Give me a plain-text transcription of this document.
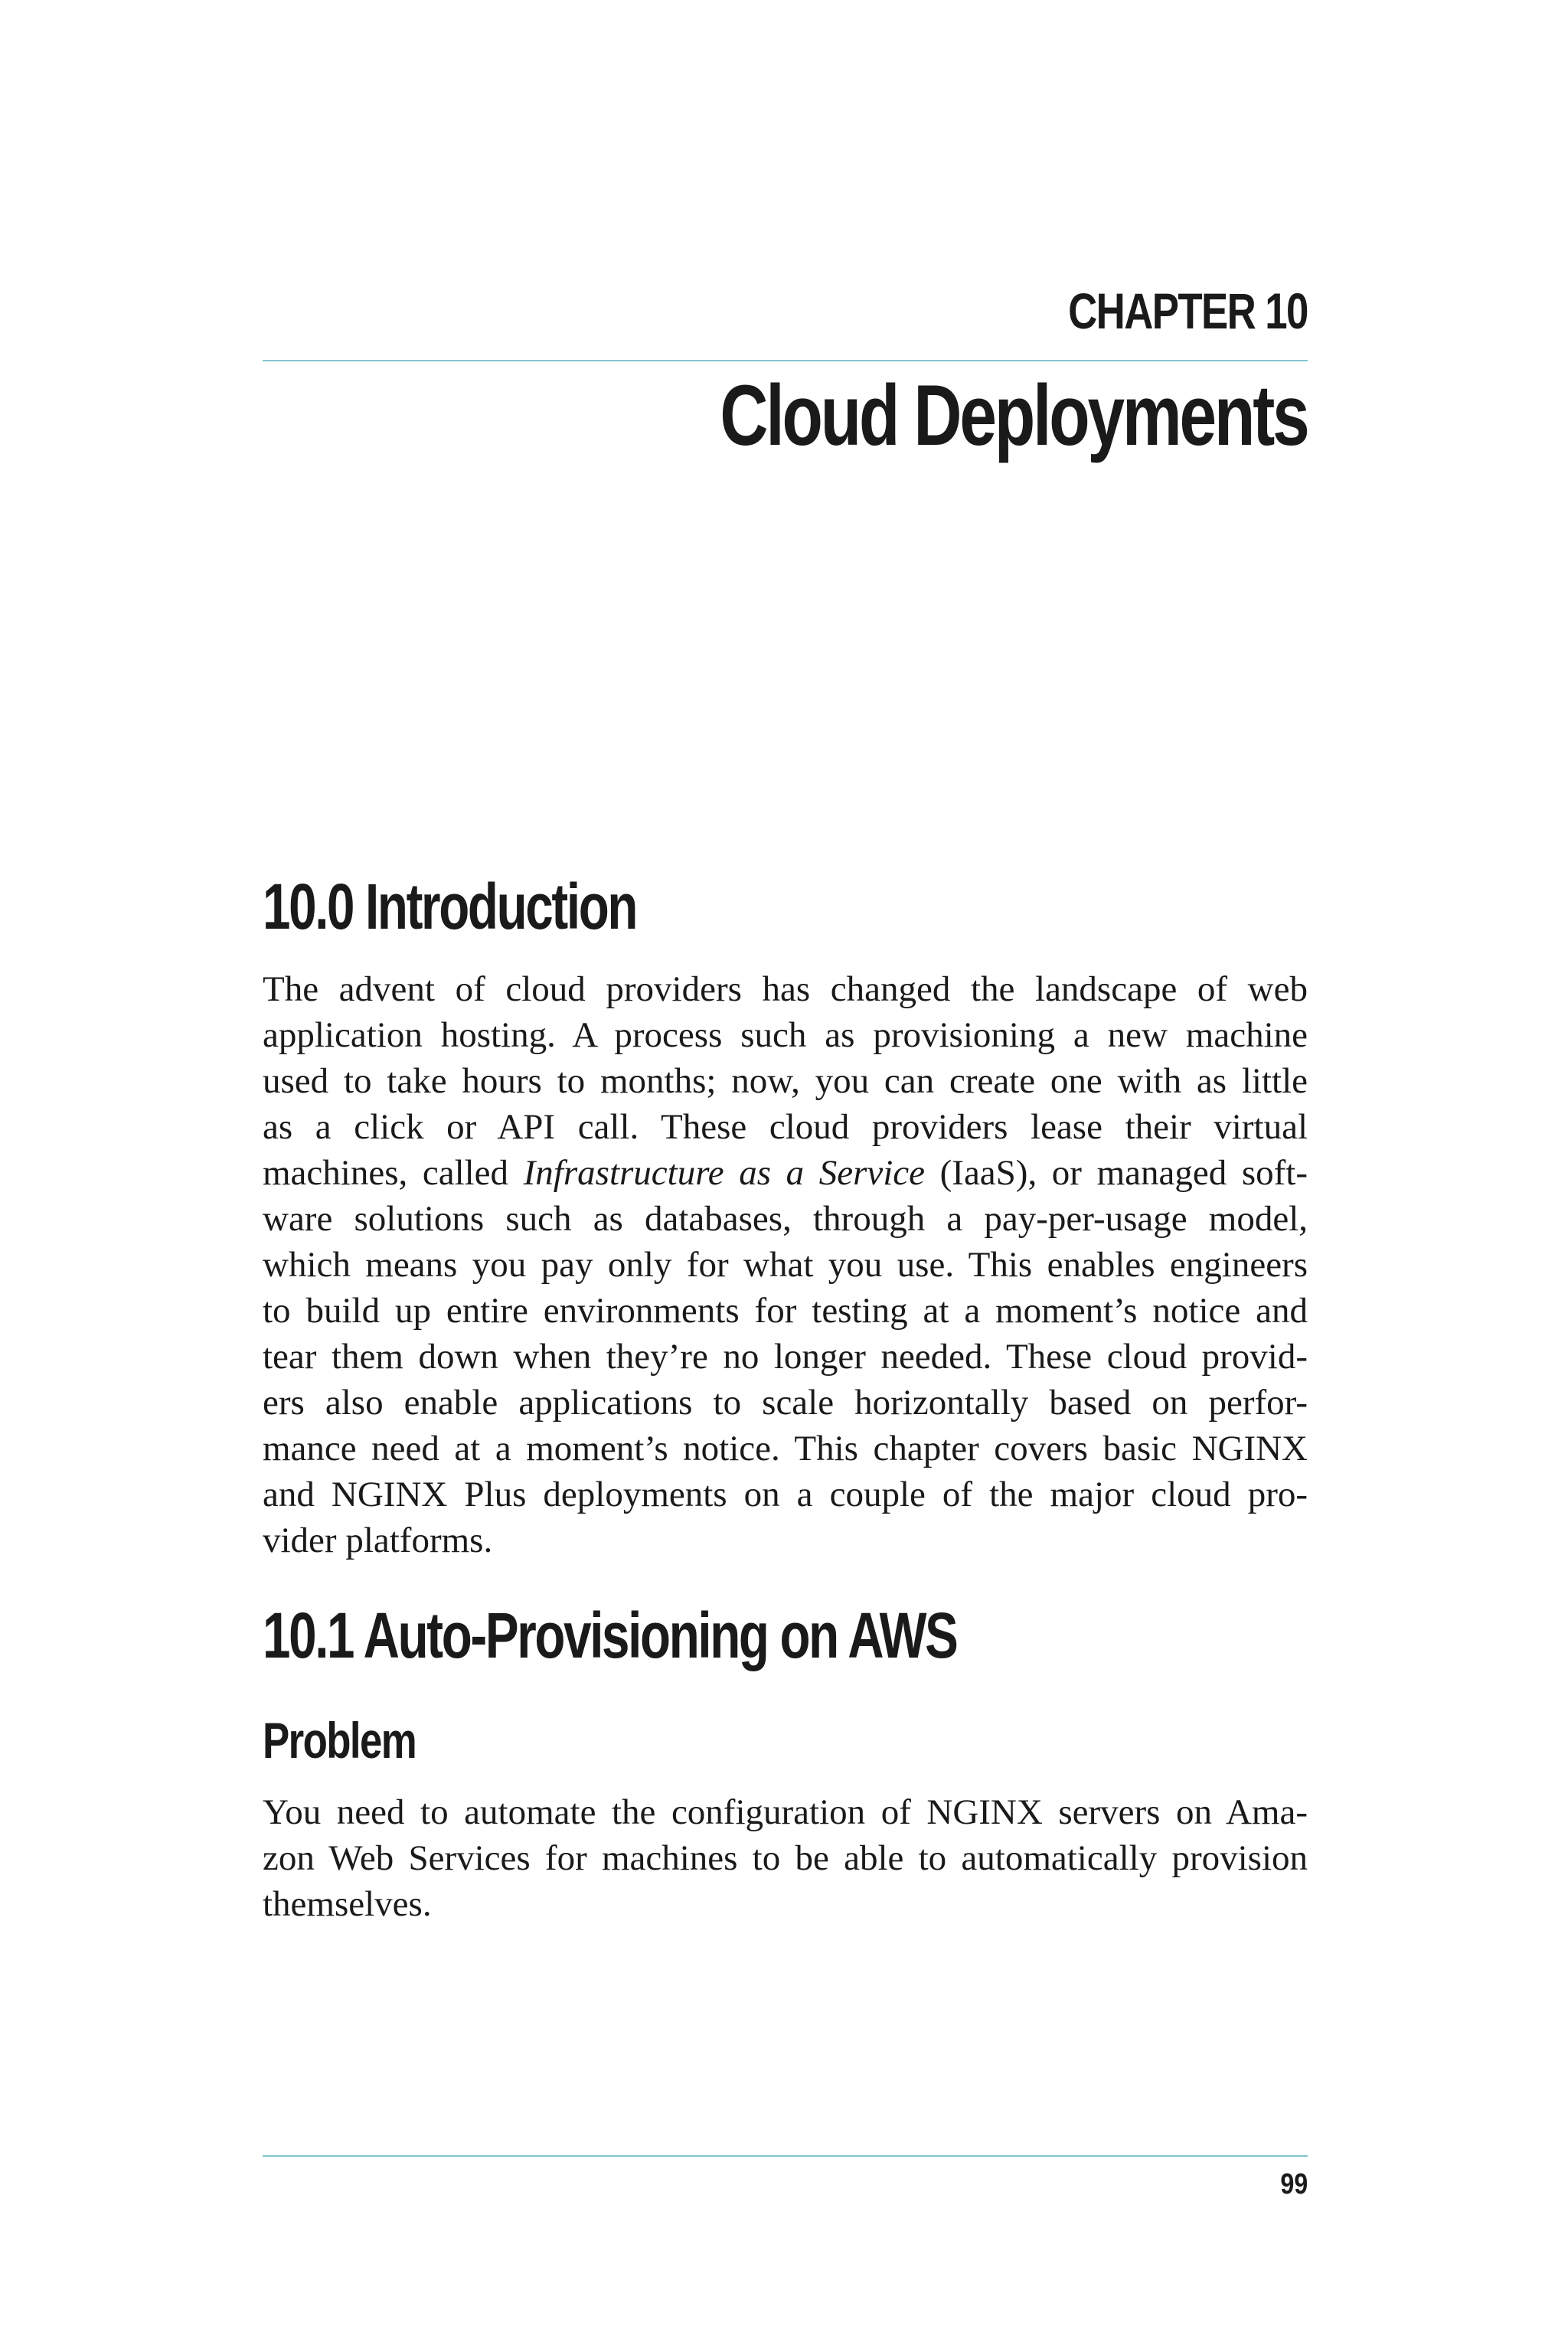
CHAPTER 10
Cloud Deployments
10.0 Introduction
The advent of cloud providers has changed the landscape of web
application hosting. A process such as provisioning a new machine
used to take hours to months; now, you can create one with as little
as a click or API call. These cloud providers lease their virtual
machines, called Infrastructure as a Service (IaaS), or managed soft-
ware solutions such as databases, through a pay-per-usage model,
which means you pay only for what you use. This enables engineers
to build up entire environments for testing at a moment’s notice and
tear them down when they’re no longer needed. These cloud provid-
ers also enable applications to scale horizontally based on perfor-
mance need at a moment’s notice. This chapter covers basic NGINX
and NGINX Plus deployments on a couple of the major cloud pro-
vider platforms.
10.1 Auto-Provisioning on AWS
Problem
You need to automate the configuration of NGINX servers on Ama-
zon Web Services for machines to be able to automatically provision
themselves.
99
